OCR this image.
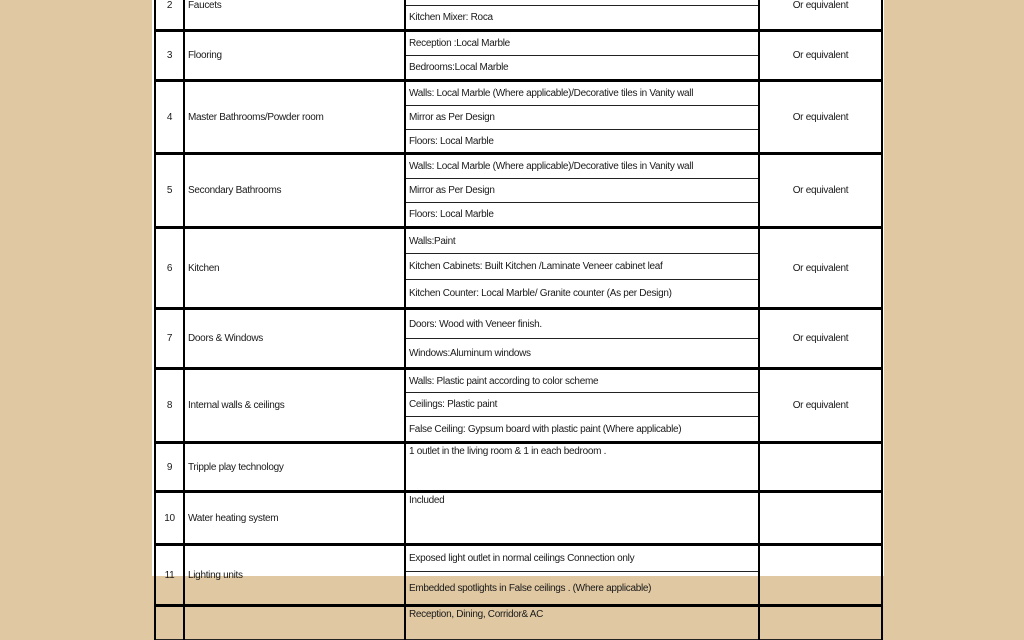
2	Faucets		Or equivalent
		Kitchen Mixer: Roca	
3	Flooring	Reception :Local Marble	Or equivalent
		Bedrooms:Local Marble	
4	Master Bathrooms/Powder room	Walls: Local Marble (Where applicable)/Decorative tiles in Vanity wall	Or equivalent
		Mirror as Per Design	
		Floors: Local Marble	
5	Secondary Bathrooms	Walls: Local Marble (Where applicable)/Decorative tiles in Vanity wall	Or equivalent
		Mirror as Per Design	
		Floors: Local Marble	
6	Kitchen	Walls:Paint	Or equivalent
		Kitchen Cabinets: Built Kitchen /Laminate Veneer cabinet leaf	
		Kitchen Counter: Local Marble/ Granite counter (As per Design)	
7	Doors & Windows	Doors: Wood with Veneer finish.	Or equivalent
		Windows:Aluminum windows	
8	Internal walls & ceilings	Walls: Plastic paint according to color scheme	Or equivalent
		Ceilings: Plastic paint	
		False Ceiling: Gypsum board with plastic paint (Where applicable)	
9	Tripple play technology	1 outlet in the living room & 1 in each bedroom .	
10	Water heating system	Included	
11	Lighting units	Exposed light outlet in normal ceilings Connection only	
		Embedded spotlights in False ceilings . (Where applicable)	
		Reception, Dining, Corridor& AC	
